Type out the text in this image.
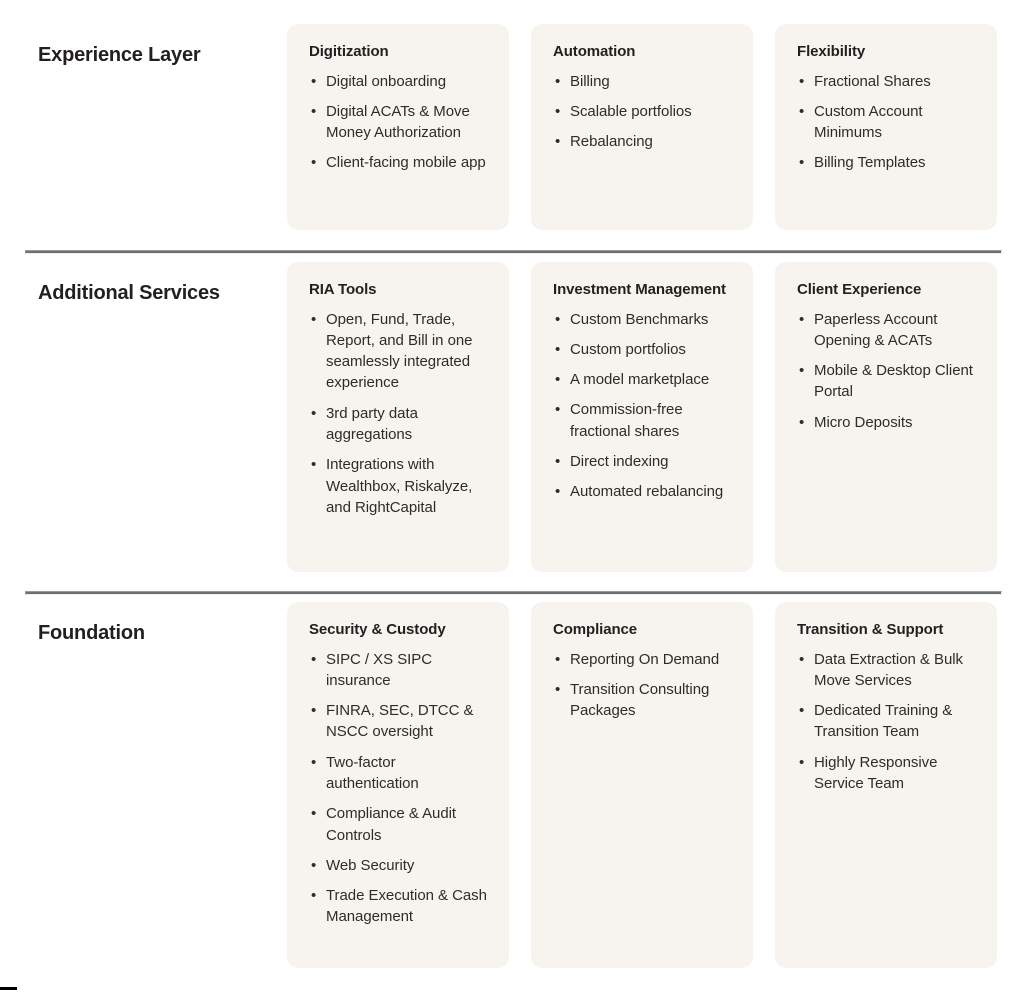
Experience Layer	Digitization
• Digital onboarding
• Digital ACATs & Move Money Authorization
• Client-facing mobile app
Automation
• Billing
• Scalable portfolios
• Rebalancing
Flexibility
• Fractional Shares
• Custom Account Minimums
• Billing Templates
Additional Services	RIA Tools
• Open, Fund, Trade, Report, and Bill in one seamlessly integrated experience
• 3rd party data aggregations
• Integrations with Wealthbox, Riskalyze, and RightCapital
Investment Management
• Custom Benchmarks
• Custom portfolios
• A model marketplace
• Commission-free fractional shares
• Direct indexing
• Automated rebalancing
Client Experience
• Paperless Account Opening & ACATs
• Mobile & Desktop Client Portal
• Micro Deposits
Foundation	Security & Custody
• SIPC / XS SIPC insurance
• FINRA, SEC, DTCC & NSCC oversight
• Two-factor authentication
• Compliance & Audit Controls
• Web Security
• Trade Execution & Cash Management
Compliance
• Reporting On Demand
• Transition Consulting Packages
Transition & Support
• Data Extraction & Bulk Move Services
• Dedicated Training & Transition Team
• Highly Responsive Service Team
